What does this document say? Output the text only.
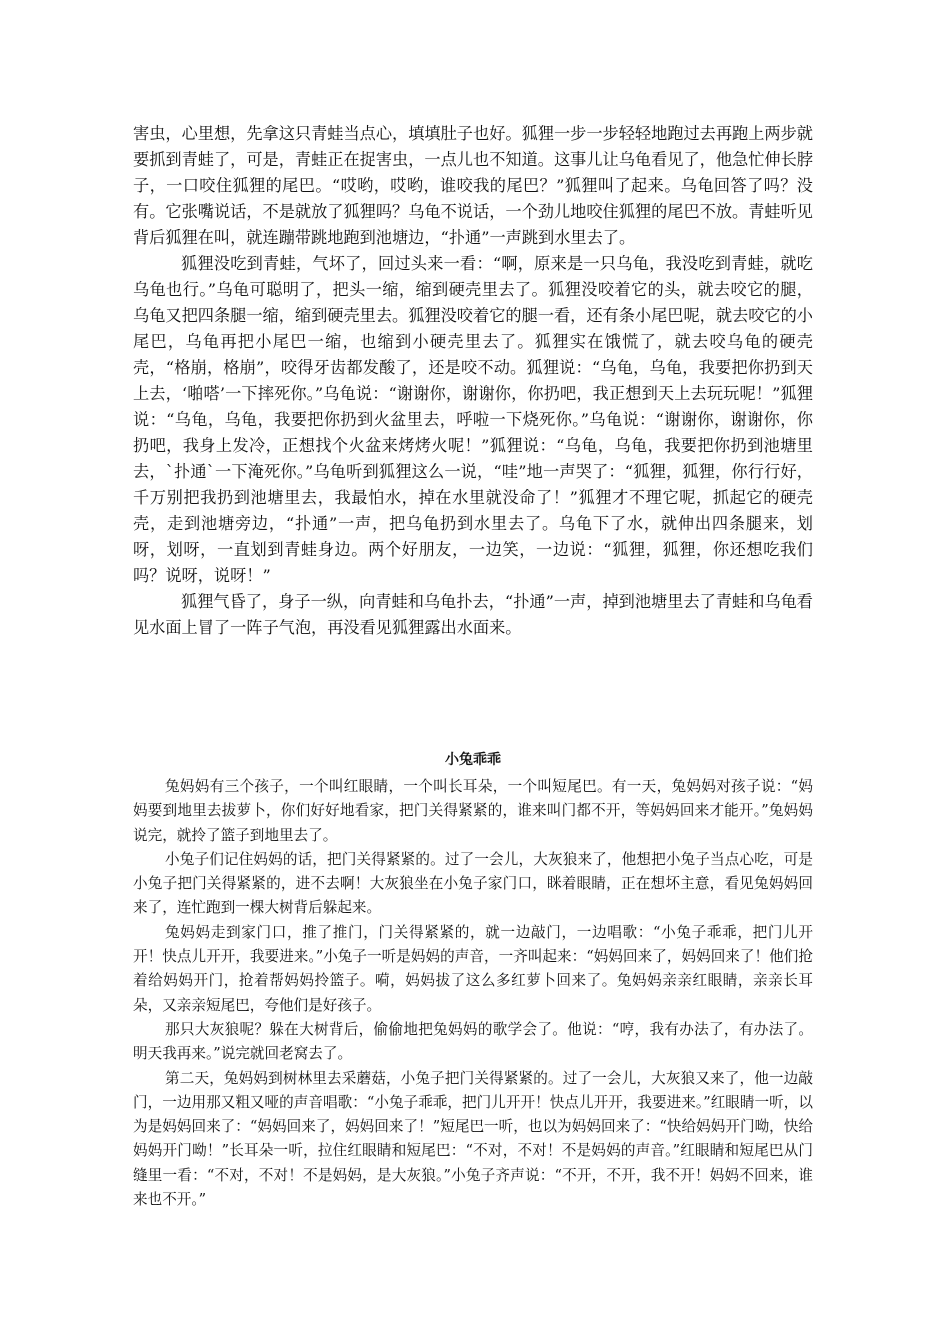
害虫，心里想，先拿这只青蛙当点心，填填肚子也好。狐狸一步一步轻轻地跑过去再跑上两步就要抓到青蛙了，可是，青蛙正在捉害虫，一点儿也不知道。这事儿让乌龟看见了，他急忙伸长脖子，一口咬住狐狸的尾巴。“哎哟，哎哟，谁咬我的尾巴？”狐狸叫了起来。乌龟回答了吗？没有。它张嘴说话，不是就放了狐狸吗？乌龟不说话，一个劲儿地咬住狐狸的尾巴不放。青蛙听见背后狐狸在叫，就连蹦带跳地跑到池塘边，“扑通”一声跳到水里去了。

狐狸没吃到青蛙，气坏了，回过头来一看：“啊，原来是一只乌龟，我没吃到青蛙，就吃乌龟也行。”乌龟可聪明了，把头一缩，缩到硬壳里去了。狐狸没咬着它的头，就去咬它的腿，乌龟又把四条腿一缩，缩到硬壳里去。狐狸没咬着它的腿一看，还有条小尾巴呢，就去咬它的小尾巴，乌龟再把小尾巴一缩，也缩到小硬壳里去了。狐狸实在饿慌了，就去咬乌龟的硬壳壳，“格崩，格崩”，咬得牙齿都发酸了，还是咬不动。狐狸说：“乌龟，乌龟，我要把你扔到天上去，‘啪嗒’一下摔死你。”乌龟说：“谢谢你，谢谢你，你扔吧，我正想到天上去玩玩呢！”狐狸说：“乌龟，乌龟，我要把你扔到火盆里去，呼啦一下烧死你。”乌龟说：“谢谢你，谢谢你，你扔吧，我身上发冷，正想找个火盆来烤烤火呢！”狐狸说：“乌龟，乌龟，我要把你扔到池塘里去，`扑通`一下淹死你。”乌龟听到狐狸这么一说，“哇”地一声哭了：“狐狸，狐狸，你行行好，千万别把我扔到池塘里去，我最怕水，掉在水里就没命了！”狐狸才不理它呢，抓起它的硬壳壳，走到池塘旁边，“扑通”一声，把乌龟扔到水里去了。乌龟下了水，就伸出四条腿来，划呀，划呀，一直划到青蛙身边。两个好朋友，一边笑，一边说：“狐狸，狐狸，你还想吃我们吗？说呀，说呀！”

狐狸气昏了，身子一纵，向青蛙和乌龟扑去，“扑通”一声，掉到池塘里去了青蛙和乌龟看见水面上冒了一阵子气泡，再没看见狐狸露出水面来。

小兔乖乖

兔妈妈有三个孩子，一个叫红眼睛，一个叫长耳朵，一个叫短尾巴。有一天，兔妈妈对孩子说：“妈妈要到地里去拔萝卜，你们好好地看家，把门关得紧紧的，谁来叫门都不开，等妈妈回来才能开。”兔妈妈说完，就拎了篮子到地里去了。

小兔子们记住妈妈的话，把门关得紧紧的。过了一会儿，大灰狼来了，他想把小兔子当点心吃，可是小兔子把门关得紧紧的，进不去啊！大灰狼坐在小兔子家门口，眯着眼睛，正在想坏主意，看见兔妈妈回来了，连忙跑到一棵大树背后躲起来。

兔妈妈走到家门口，推了推门，门关得紧紧的，就一边敲门，一边唱歌：“小兔子乖乖，把门儿开开！快点儿开开，我要进来。”小兔子一听是妈妈的声音，一齐叫起来：“妈妈回来了，妈妈回来了！他们抢着给妈妈开门，抢着帮妈妈拎篮子。嗬，妈妈拔了这么多红萝卜回来了。兔妈妈亲亲红眼睛，亲亲长耳朵，又亲亲短尾巴，夸他们是好孩子。

那只大灰狼呢？躲在大树背后，偷偷地把兔妈妈的歌学会了。他说：“哼，我有办法了，有办法了。明天我再来。”说完就回老窝去了。

第二天，兔妈妈到树林里去采蘑菇，小兔子把门关得紧紧的。过了一会儿，大灰狼又来了，他一边敲门，一边用那又粗又哑的声音唱歌：“小兔子乖乖，把门儿开开！快点儿开开，我要进来。”红眼睛一听，以为是妈妈回来了：“妈妈回来了，妈妈回来了！”短尾巴一听，也以为妈妈回来了：“快给妈妈开门呦，快给妈妈开门呦！”长耳朵一听，拉住红眼睛和短尾巴：“不对，不对！不是妈妈的声音。”红眼睛和短尾巴从门缝里一看：“不对，不对！不是妈妈，是大灰狼。”小兔子齐声说：“不开，不开，我不开！妈妈不回来，谁来也不开。”
